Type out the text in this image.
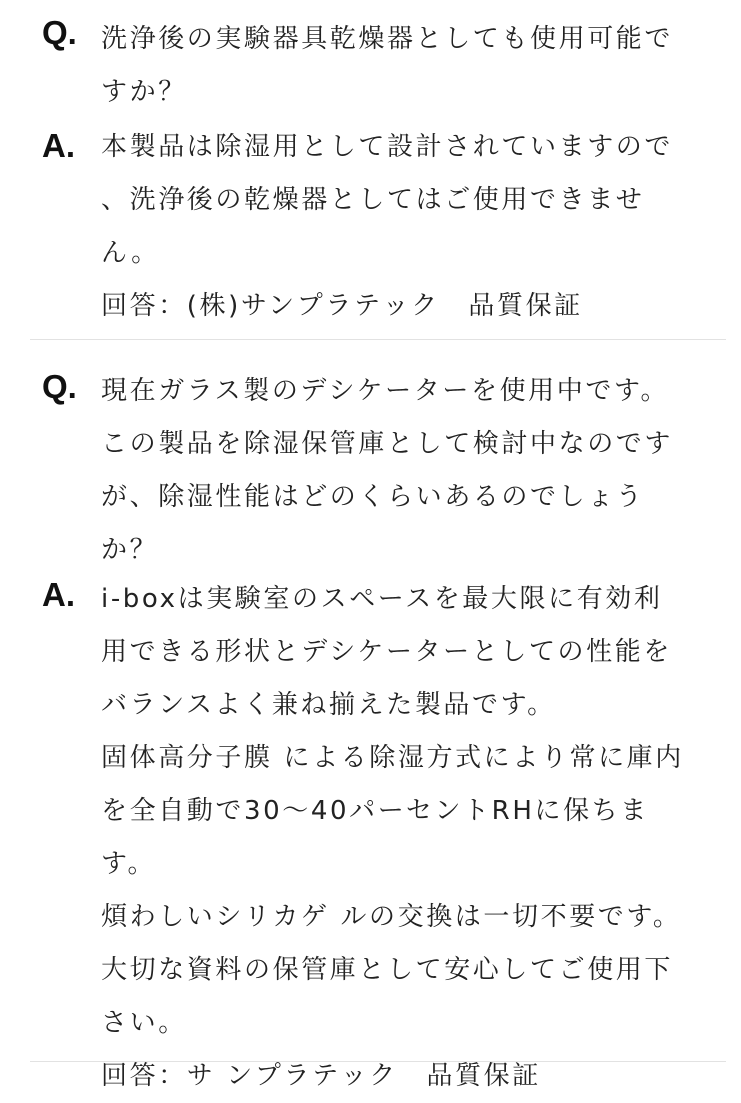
Q. 洗浄後の実験器具乾燥器としても使用可能で
すか？
A. 本製品は除湿用として設計されていますので
、洗浄後の乾燥器としてはご使用できませ
ん。
回答：(株)サンプラテック　品質保証
Q. 現在ガラス製のデシケーターを使用中です。
この製品を除湿保管庫として検討中なのです
が、除湿性能はどのくらいあるのでしょう
か？
A. i-boxは実験室のスペースを最大限に有効利
用できる形状とデシケーターとしての性能を
バランスよく兼ね揃えた製品です。
固体高分子膜 による除湿方式により常に庫内
を全自動で30〜40パーセントRHに保ちま
す。
煩わしいシリカゲ ルの交換は一切不要です。
大切な資料の保管庫として安心してご使用下
さい。
回答：サ ンプラテック　品質保証
